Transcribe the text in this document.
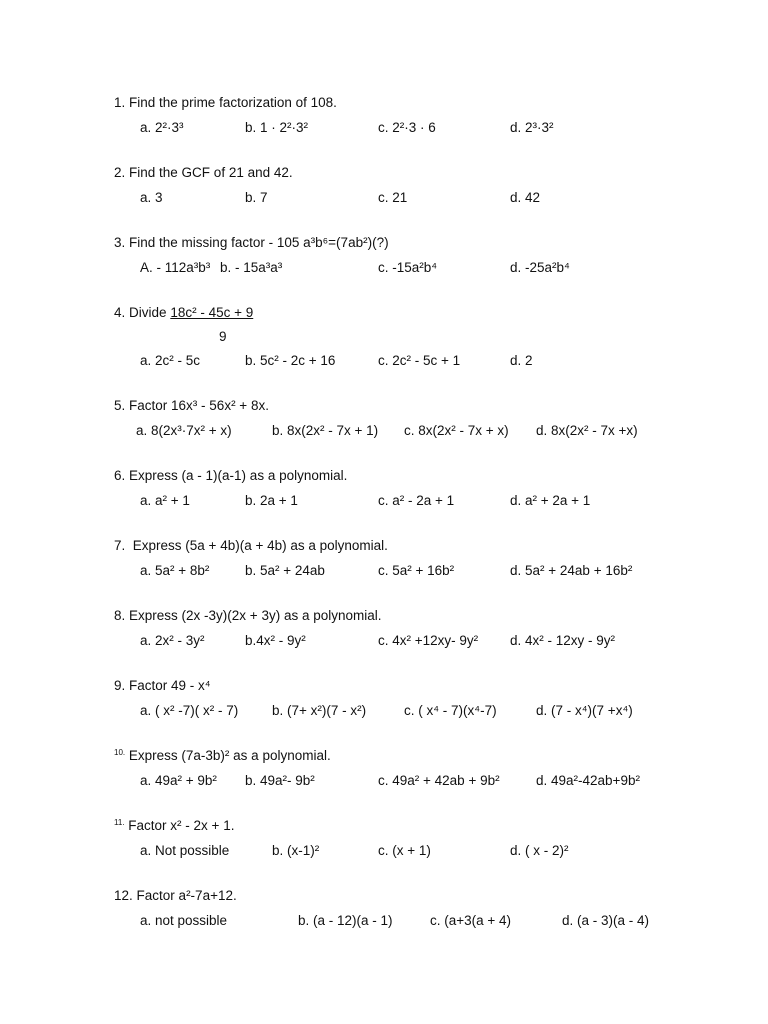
1. Find the prime factorization of 108.
a. 2²·3³	b. 1 · 2²·3²	c. 2²·3 · 6	d. 2³·3²
2. Find the GCF of 21 and 42.
a. 3	b. 7	c. 21	d. 42
3. Find the missing factor - 105 a³b⁶=(7ab²)(?)
A. - 112a³b³ b. - 15a³a³	c. -15a²b⁴	d. -25a²b⁴
4. Divide 18c² - 45c + 9
9
a. 2c² - 5c	b. 5c² - 2c + 16	c. 2c² - 5c + 1	d. 2
5. Factor 16x³ - 56x² + 8x.
a. 8(2x³·7x² + x)	b. 8x(2x² - 7x + 1) c. 8x(2x² - 7x + x) d. 8x(2x² - 7x +x)
6. Express (a - 1)(a-1) as a polynomial.
a. a² + 1	b. 2a + 1	c. a² - 2a + 1	d. a² + 2a + 1
7. Express (5a + 4b)(a + 4b) as a polynomial.
a. 5a² + 8b²	b. 5a² + 24ab	c. 5a² + 16b²	d. 5a² + 24ab + 16b²
8. Express (2x -3y)(2x + 3y) as a polynomial.
a. 2x² - 3y²	b.4x² - 9y²	c. 4x² +12xy- 9y² d. 4x² - 12xy - 9y²
9. Factor 49 - x⁴
a. ( x² -7)( x² - 7)	b. (7+ x²)(7 - x²)	c. ( x⁴ - 7)(x⁴-7)	d. (7 - x⁴)(7 +x⁴)
$^{10.}$ Express (7a-3b)² as a polynomial.
a. 49a² + 9b² b. 49a²- 9b²	c. 49a² + 42ab + 9b²	d. 49a²-42ab+9b²
$^{11.}$ Factor x² - 2x + 1.
a. Not possible	b. (x-1)²	c. (x + 1)	d. ( x - 2)²
12. Factor a²-7a+12.
a. not possible	b. (a - 12)(a - 1)	c. (a+3(a + 4)	d. (a - 3)(a - 4)
